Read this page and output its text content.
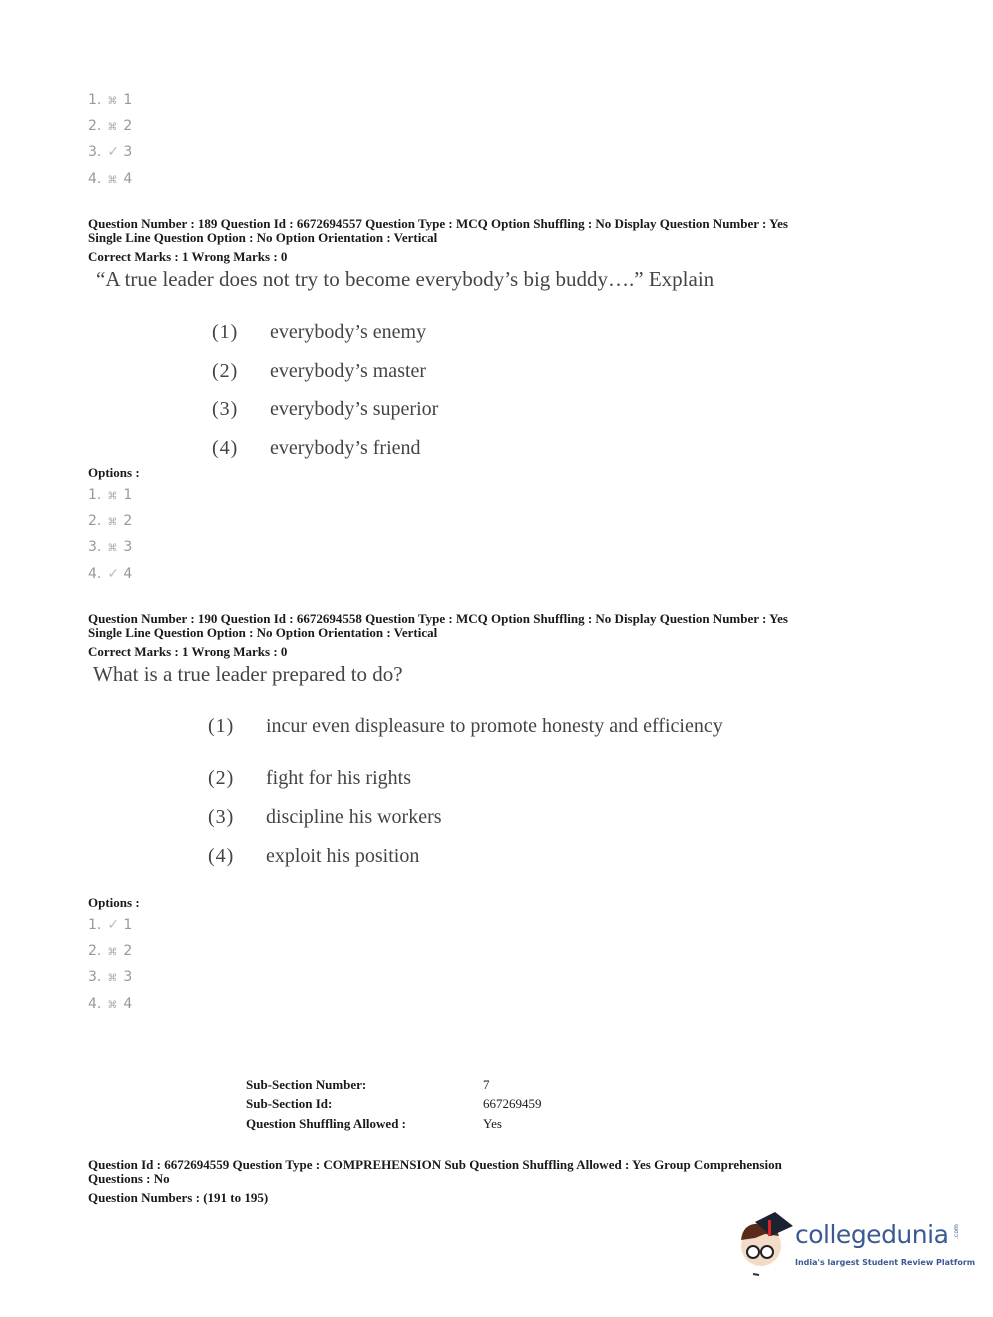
Question Number : 189 Question Id : 6672694557 Question Type : MCQ Option Shuffling : No Display Question Number : Yes
Single Line Question Option : No Option Orientation : Vertical
Correct Marks : 1 Wrong Marks : 0
“A true leader does not try to become everybody’s big buddy….” Explain
Options :
Question Number : 190 Question Id : 6672694558 Question Type : MCQ Option Shuffling : No Display Question Number : Yes
Single Line Question Option : No Option Orientation : Vertical
Correct Marks : 1 Wrong Marks : 0
What is a true leader prepared to do?
Options :
Question Id : 6672694559 Question Type : COMPREHENSION Sub Question Shuffling Allowed : Yes Group Comprehension
Questions : No
Question Numbers : (191 to 195)
collegedunia .com
India's largest Student Review Platform
1. ⌘ 1
2. ⌘ 2
3. ✓ 3
4. ⌘ 4
1. ⌘ 1
2. ⌘ 2
3. ⌘ 3
4. ✓ 4
1. ✓ 1
2. ⌘ 2
3. ⌘ 3
4. ⌘ 4
(1) everybody’s enemy
(2) everybody’s master
(3) everybody’s superior
(4) everybody’s friend
(1) incur even displeasure to promote honesty and efficiency
(2) fight for his rights
(3) discipline his workers
(4) exploit his position
Sub-Section Number:	7
Sub-Section Id:	667269459
Question Shuffling Allowed :	Yes
